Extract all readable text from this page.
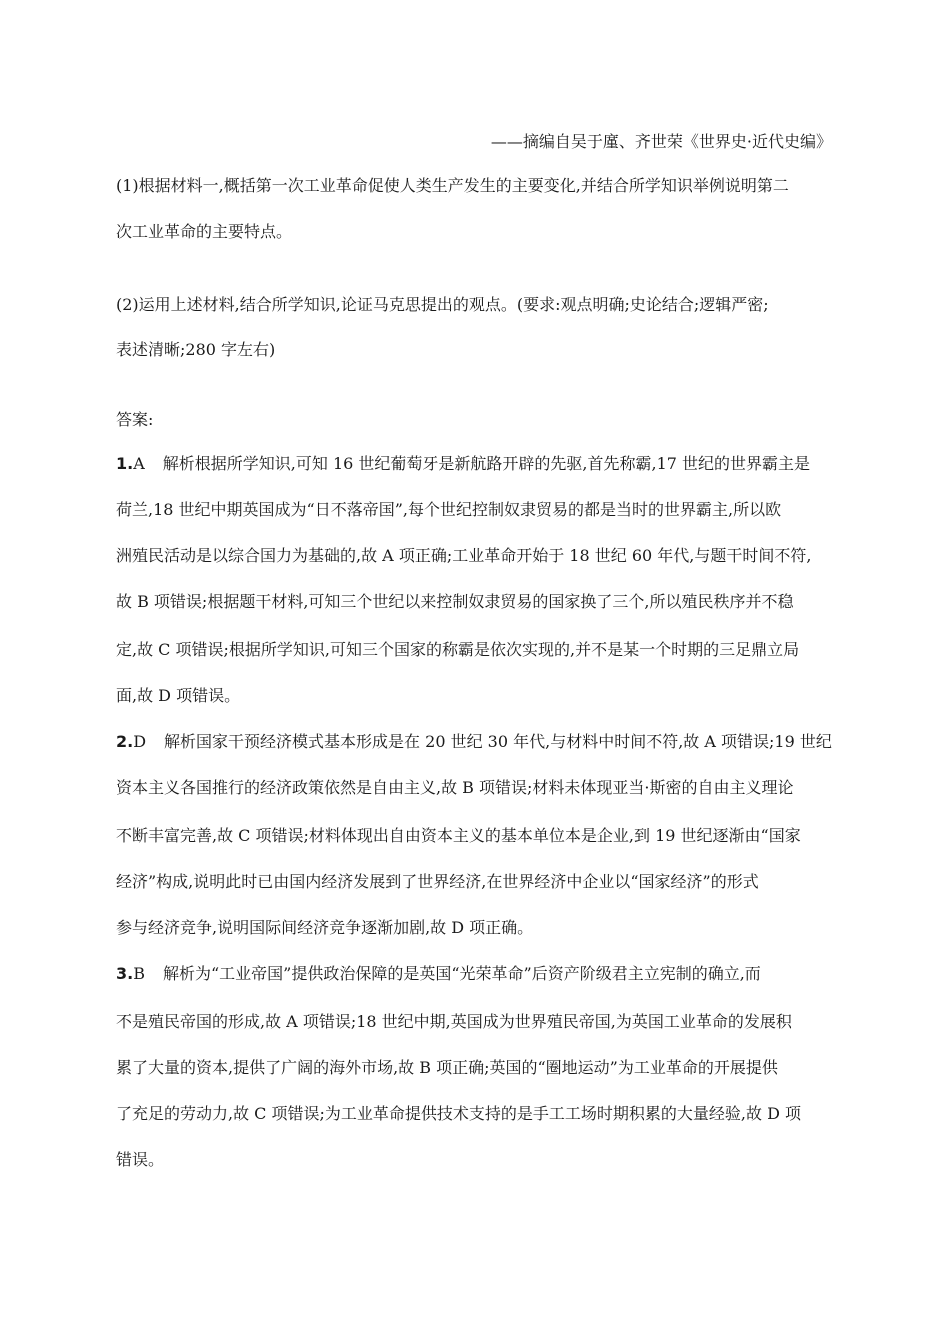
——摘编自吴于廑、齐世荣《世界史·近代史编》
(1)根据材料一,概括第一次工业革命促使人类生产发生的主要变化,并结合所学知识举例说明第二
次工业革命的主要特点。
(2)运用上述材料,结合所学知识,论证马克思提出的观点。(要求:观点明确;史论结合;逻辑严密;
表述清晰;280 字左右)
答案:
1.A 解析根据所学知识,可知 16 世纪葡萄牙是新航路开辟的先驱,首先称霸,17 世纪的世界霸主是
荷兰,18 世纪中期英国成为“日不落帝国”,每个世纪控制奴隶贸易的都是当时的世界霸主,所以欧
洲殖民活动是以综合国力为基础的,故 A 项正确;工业革命开始于 18 世纪 60 年代,与题干时间不符,
故 B 项错误;根据题干材料,可知三个世纪以来控制奴隶贸易的国家换了三个,所以殖民秩序并不稳
定,故 C 项错误;根据所学知识,可知三个国家的称霸是依次实现的,并不是某一个时期的三足鼎立局
面,故 D 项错误。
2.D 解析国家干预经济模式基本形成是在 20 世纪 30 年代,与材料中时间不符,故 A 项错误;19 世纪
资本主义各国推行的经济政策依然是自由主义,故 B 项错误;材料未体现亚当·斯密的自由主义理论
不断丰富完善,故 C 项错误;材料体现出自由资本主义的基本单位本是企业,到 19 世纪逐渐由“国家
经济”构成,说明此时已由国内经济发展到了世界经济,在世界经济中企业以“国家经济”的形式
参与经济竞争,说明国际间经济竞争逐渐加剧,故 D 项正确。
3.B 解析为“工业帝国”提供政治保障的是英国“光荣革命”后资产阶级君主立宪制的确立,而
不是殖民帝国的形成,故 A 项错误;18 世纪中期,英国成为世界殖民帝国,为英国工业革命的发展积
累了大量的资本,提供了广阔的海外市场,故 B 项正确;英国的“圈地运动”为工业革命的开展提供
了充足的劳动力,故 C 项错误;为工业革命提供技术支持的是手工工场时期积累的大量经验,故 D 项
错误。
